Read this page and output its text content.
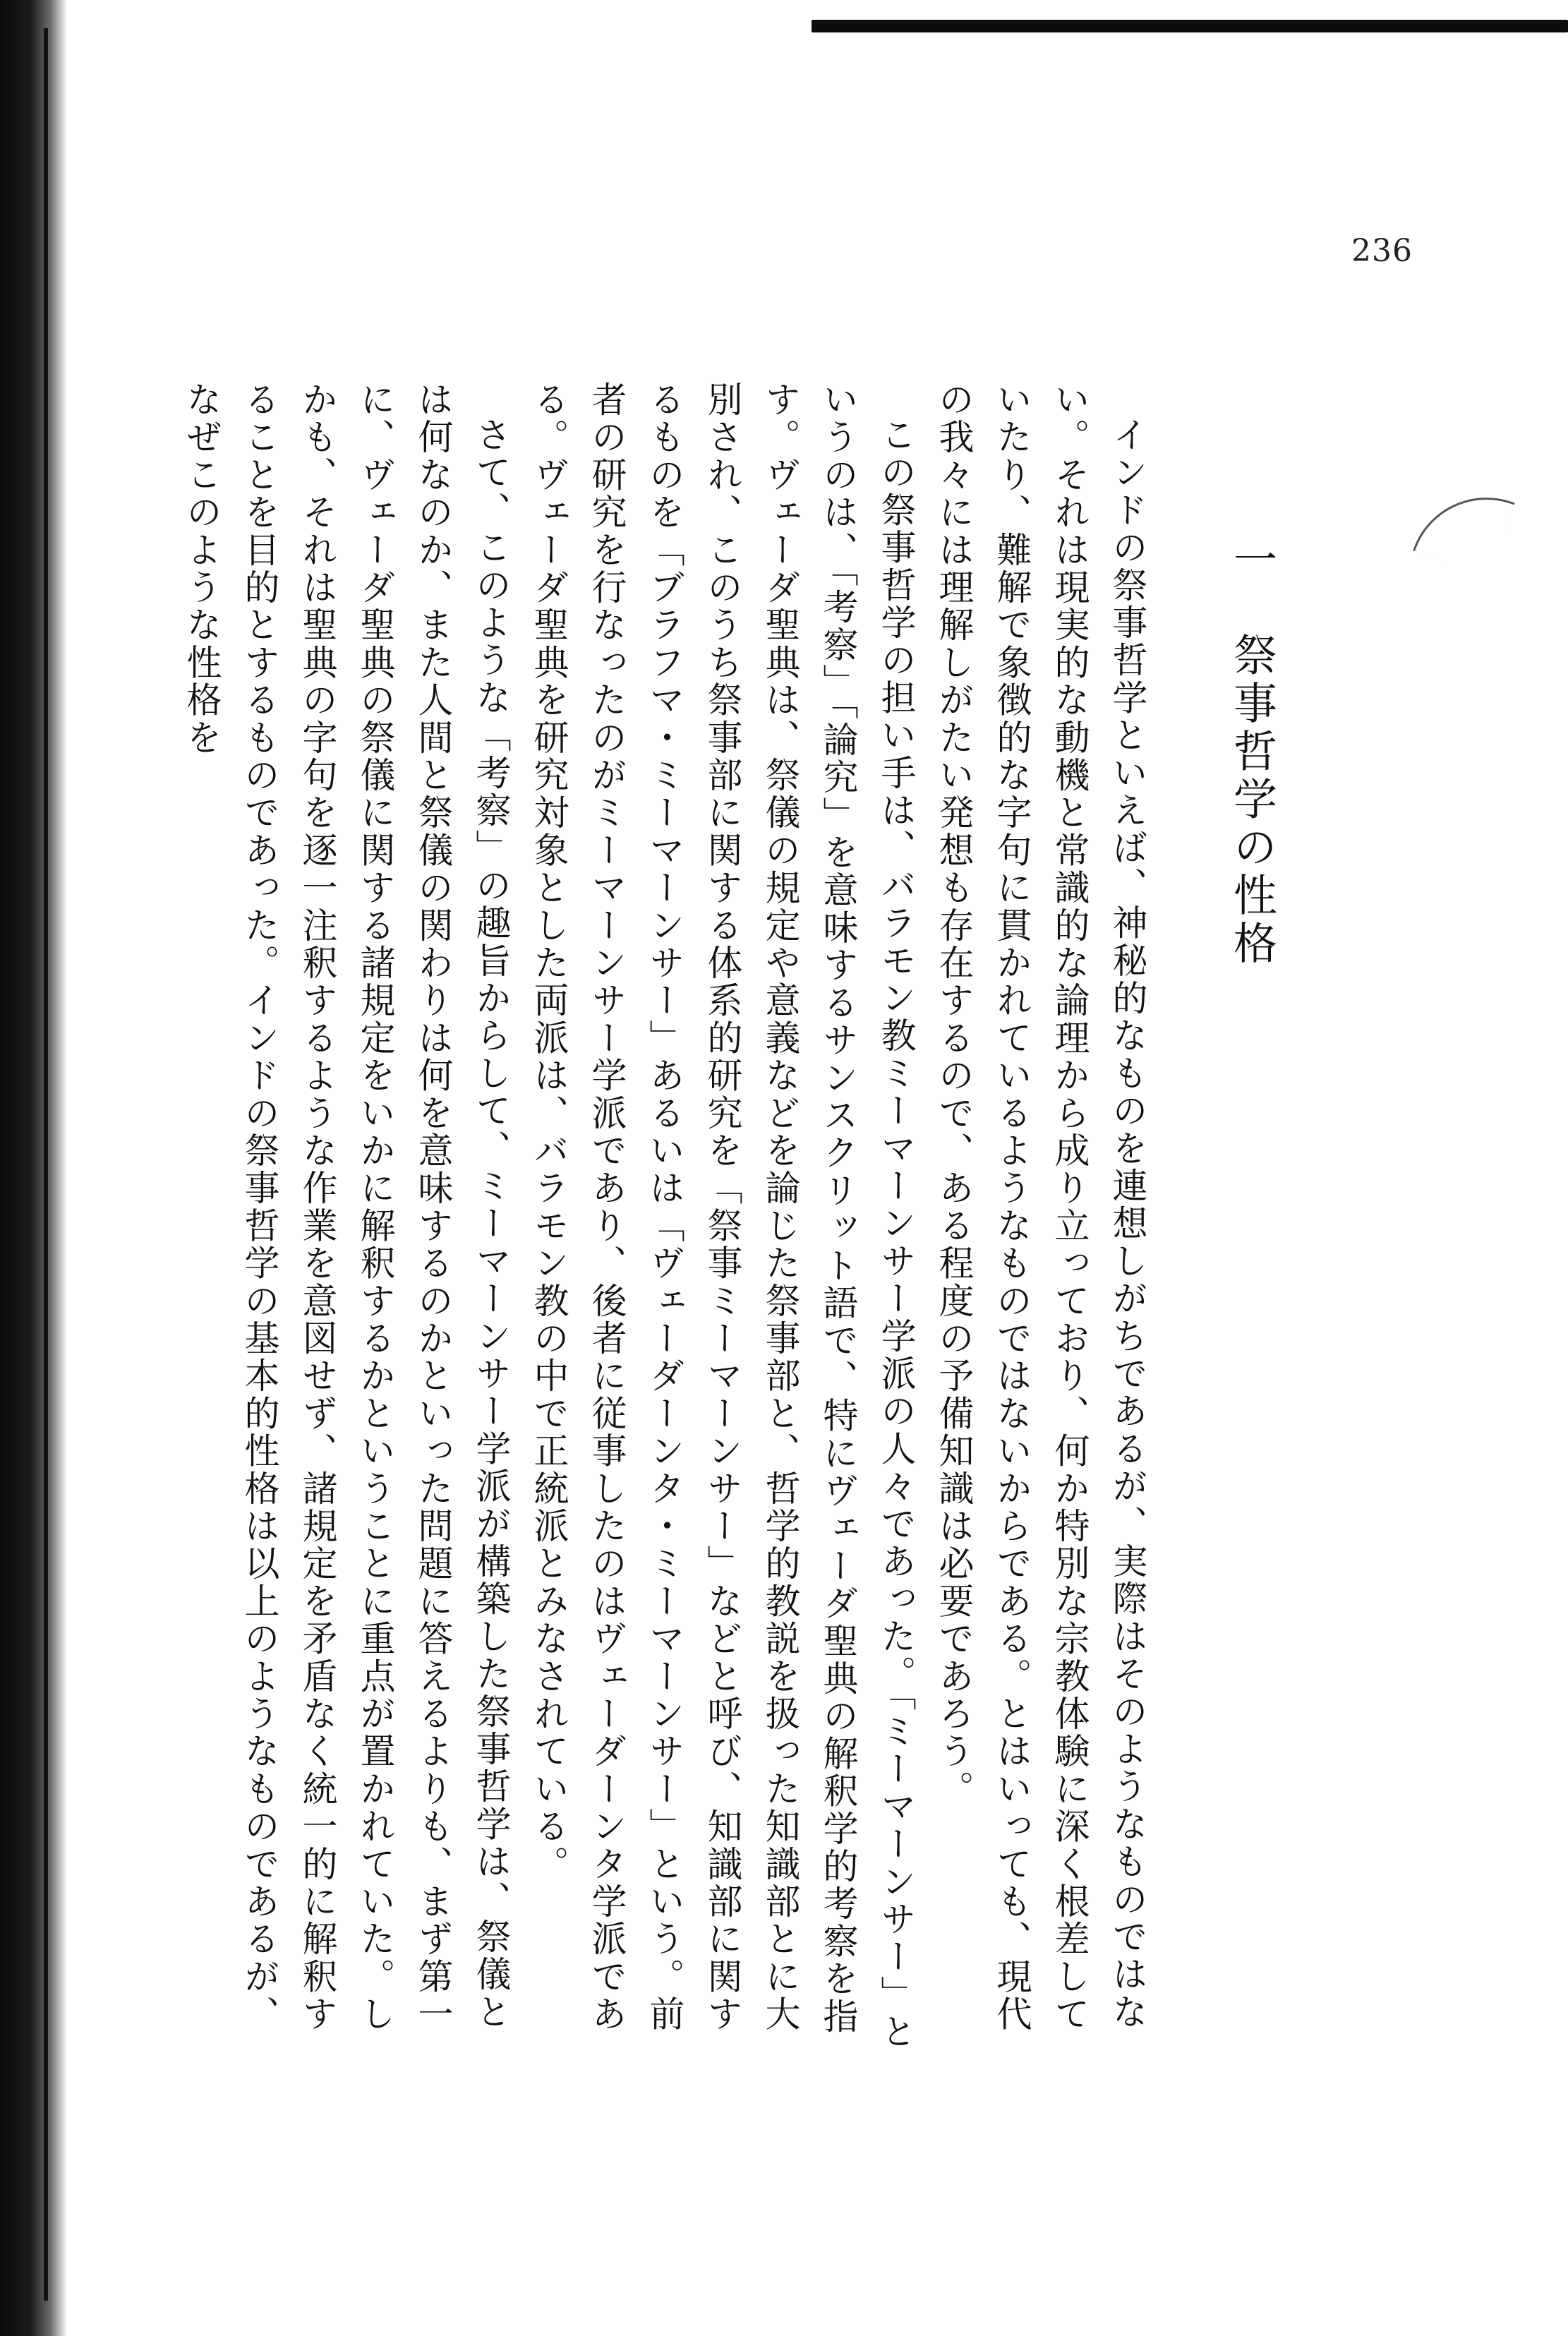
236
一　祭事哲学の性格

インドの祭事哲学といえば、神秘的なものを連想しがちであるが、実際はそのようなものではない。それは現実的な動機と常識的な論理から成り立っており、何か特別な宗教体験に深く根差していたり、難解で象徴的な字句に貫かれているようなものではないからである。とはいっても、現代の我々には理解しがたい発想も存在するので、ある程度の予備知識は必要であろう。

この祭事哲学の担い手は、バラモン教ミーマーンサー学派の人々であった。「ミーマーンサー」というのは、「考察」「論究」を意味するサンスクリット語で、特にヴェーダ聖典の解釈学的考察を指す。ヴェーダ聖典は、祭儀の規定や意義などを論じた祭事部と、哲学的教説を扱った知識部とに大別され、このうち祭事部に関する体系的研究を「祭事ミーマーンサー」などと呼び、知識部に関するものを「ブラフマ・ミーマーンサー」あるいは「ヴェーダーンタ・ミーマーンサー」という。前者の研究を行なったのがミーマーンサー学派であり、後者に従事したのはヴェーダーンタ学派である。ヴェーダ聖典を研究対象とした両派は、バラモン教の中で正統派とみなされている。

さて、このような「考察」の趣旨からして、ミーマーンサー学派が構築した祭事哲学は、祭儀とは何なのか、また人間と祭儀の関わりは何を意味するのかといった問題に答えるよりも、まず第一に、ヴェーダ聖典の祭儀に関する諸規定をいかに解釈するかということに重点が置かれていた。しかも、それは聖典の字句を逐一注釈するような作業を意図せず、諸規定を矛盾なく統一的に解釈することを目的とするものであった。インドの祭事哲学の基本的性格は以上のようなものであるが、なぜこのような性格を
